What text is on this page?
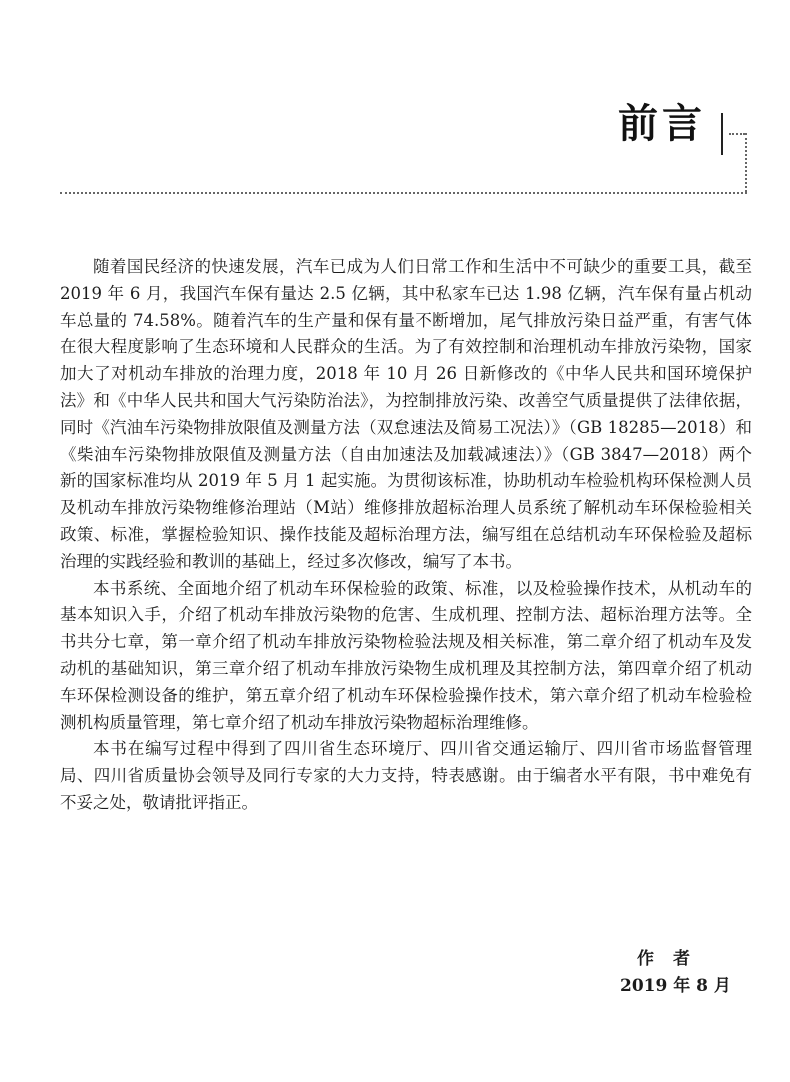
前言

随着国民经济的快速发展，汽车已成为人们日常工作和生活中不可缺少的重要工具，截至 2019 年 6 月，我国汽车保有量达 2.5 亿辆，其中私家车已达 1.98 亿辆，汽车保有量占机动车总量的 74.58%。随着汽车的生产量和保有量不断增加，尾气排放污染日益严重，有害气体在很大程度影响了生态环境和人民群众的生活。为了有效控制和治理机动车排放污染物，国家加大了对机动车排放的治理力度，2018 年 10 月 26 日新修改的《中华人民共和国环境保护法》和《中华人民共和国大气污染防治法》，为控制排放污染、改善空气质量提供了法律依据，同时《汽油车污染物排放限值及测量方法（双怠速法及简易工况法）》（GB 18285—2018）和《柴油车污染物排放限值及测量方法（自由加速法及加载减速法）》（GB 3847—2018）两个新的国家标准均从 2019 年 5 月 1 起实施。为贯彻该标准，协助机动车检验机构环保检测人员及机动车排放污染物维修治理站（M站）维修排放超标治理人员系统了解机动车环保检验相关政策、标准，掌握检验知识、操作技能及超标治理方法，编写组在总结机动车环保检验及超标治理的实践经验和教训的基础上，经过多次修改，编写了本书。

本书系统、全面地介绍了机动车环保检验的政策、标准，以及检验操作技术，从机动车的基本知识入手，介绍了机动车排放污染物的危害、生成机理、控制方法、超标治理方法等。全书共分七章，第一章介绍了机动车排放污染物检验法规及相关标准，第二章介绍了机动车及发动机的基础知识，第三章介绍了机动车排放污染物生成机理及其控制方法，第四章介绍了机动车环保检测设备的维护，第五章介绍了机动车环保检验操作技术，第六章介绍了机动车检验检测机构质量管理，第七章介绍了机动车排放污染物超标治理维修。

本书在编写过程中得到了四川省生态环境厅、四川省交通运输厅、四川省市场监督管理局、四川省质量协会领导及同行专家的大力支持，特表感谢。由于编者水平有限，书中难免有不妥之处，敬请批评指正。

作　者
2019 年 8 月
